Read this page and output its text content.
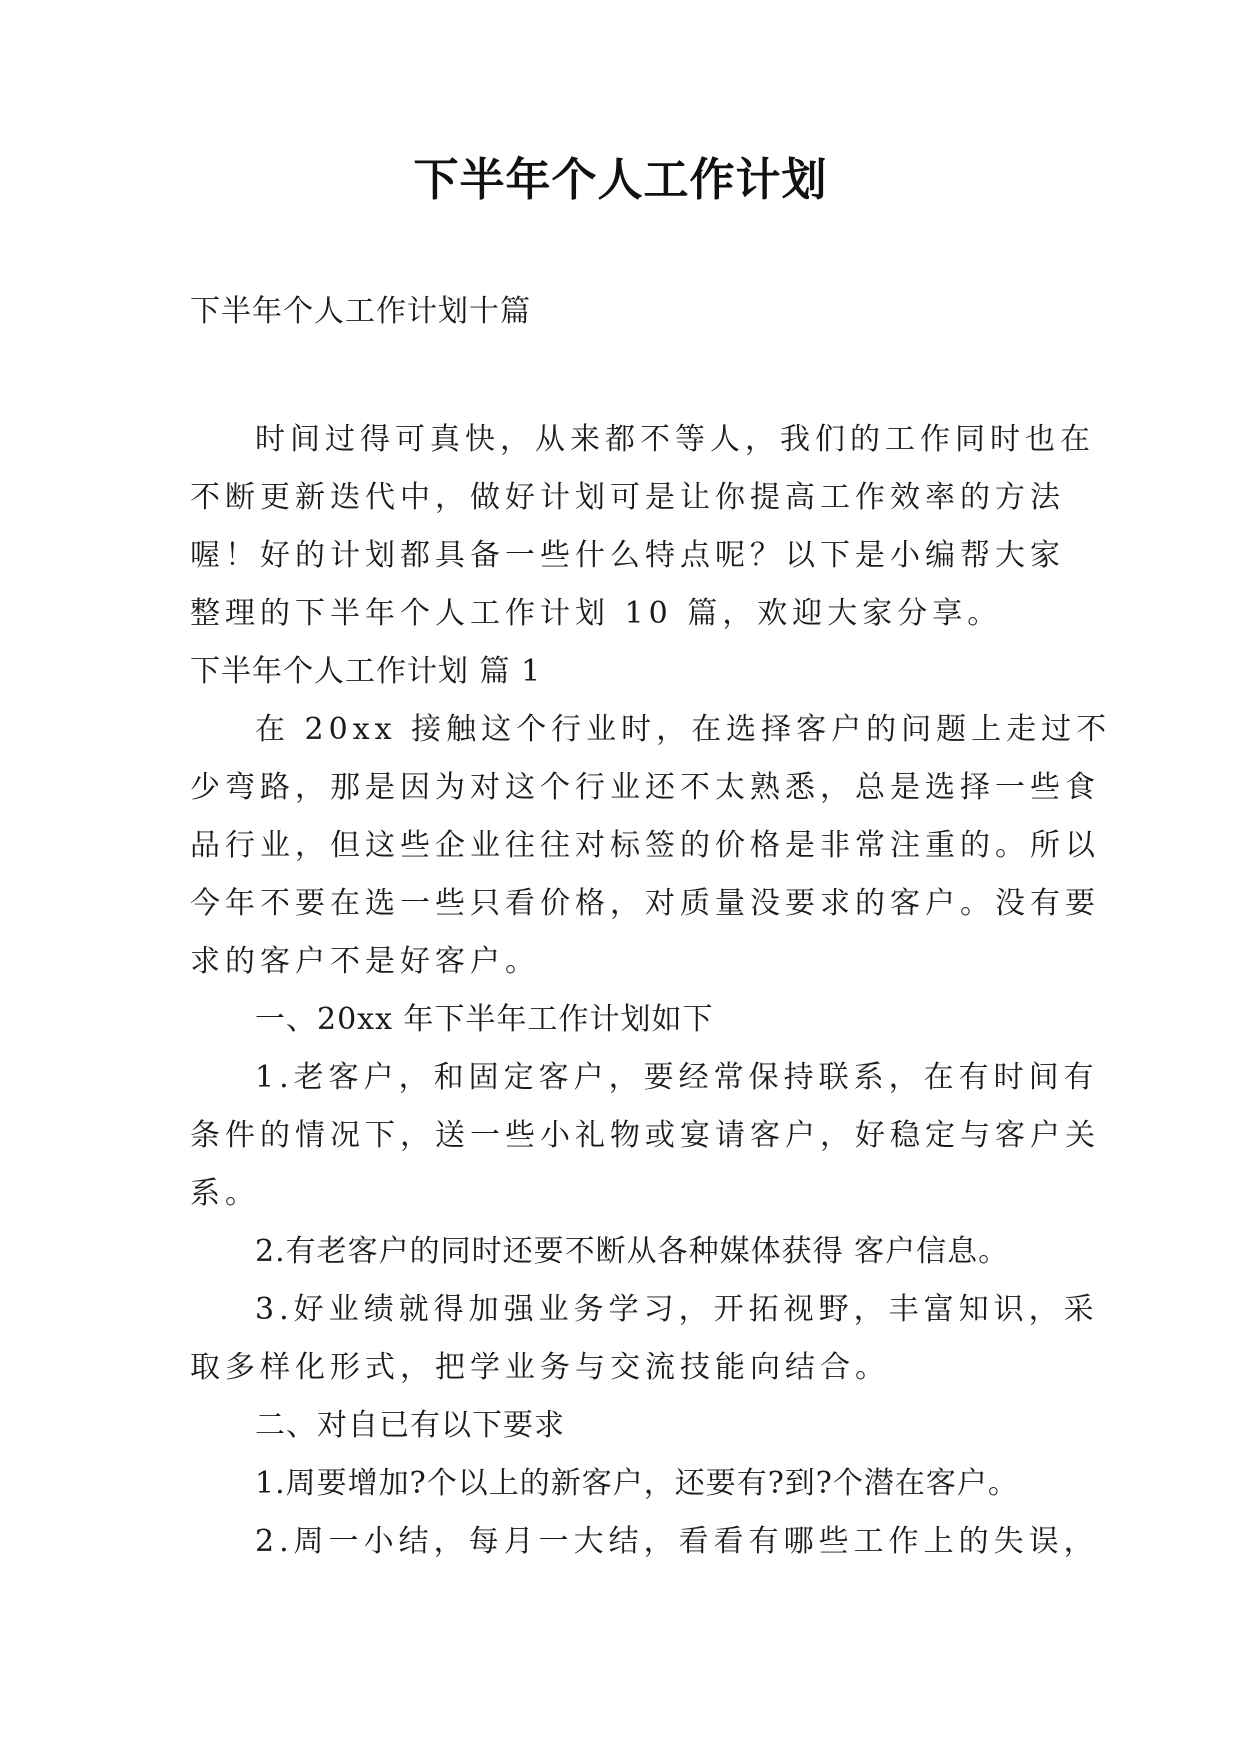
下半年个人工作计划
下半年个人工作计划十篇
时间过得可真快，从来都不等人，我们的工作同时也在
不断更新迭代中，做好计划可是让你提高工作效率的方法
喔！好的计划都具备一些什么特点呢？以下是小编帮大家
整理的下半年个人工作计划 10 篇，欢迎大家分享。
下半年个人工作计划 篇 1
在 20xx 接触这个行业时，在选择客户的问题上走过不
少弯路，那是因为对这个行业还不太熟悉，总是选择一些食
品行业，但这些企业往往对标签的价格是非常注重的。所以
今年不要在选一些只看价格，对质量没要求的客户。没有要
求的客户不是好客户。
一、20xx 年下半年工作计划如下
1.老客户，和固定客户，要经常保持联系，在有时间有
条件的情况下，送一些小礼物或宴请客户，好稳定与客户关
系。
2.有老客户的同时还要不断从各种媒体获得 客户信息。
3.好业绩就得加强业务学习，开拓视野，丰富知识，采
取多样化形式，把学业务与交流技能向结合。
二、对自已有以下要求
1.周要增加?个以上的新客户，还要有?到?个潜在客户。
2.周一小结，每月一大结，看看有哪些工作上的失误，
